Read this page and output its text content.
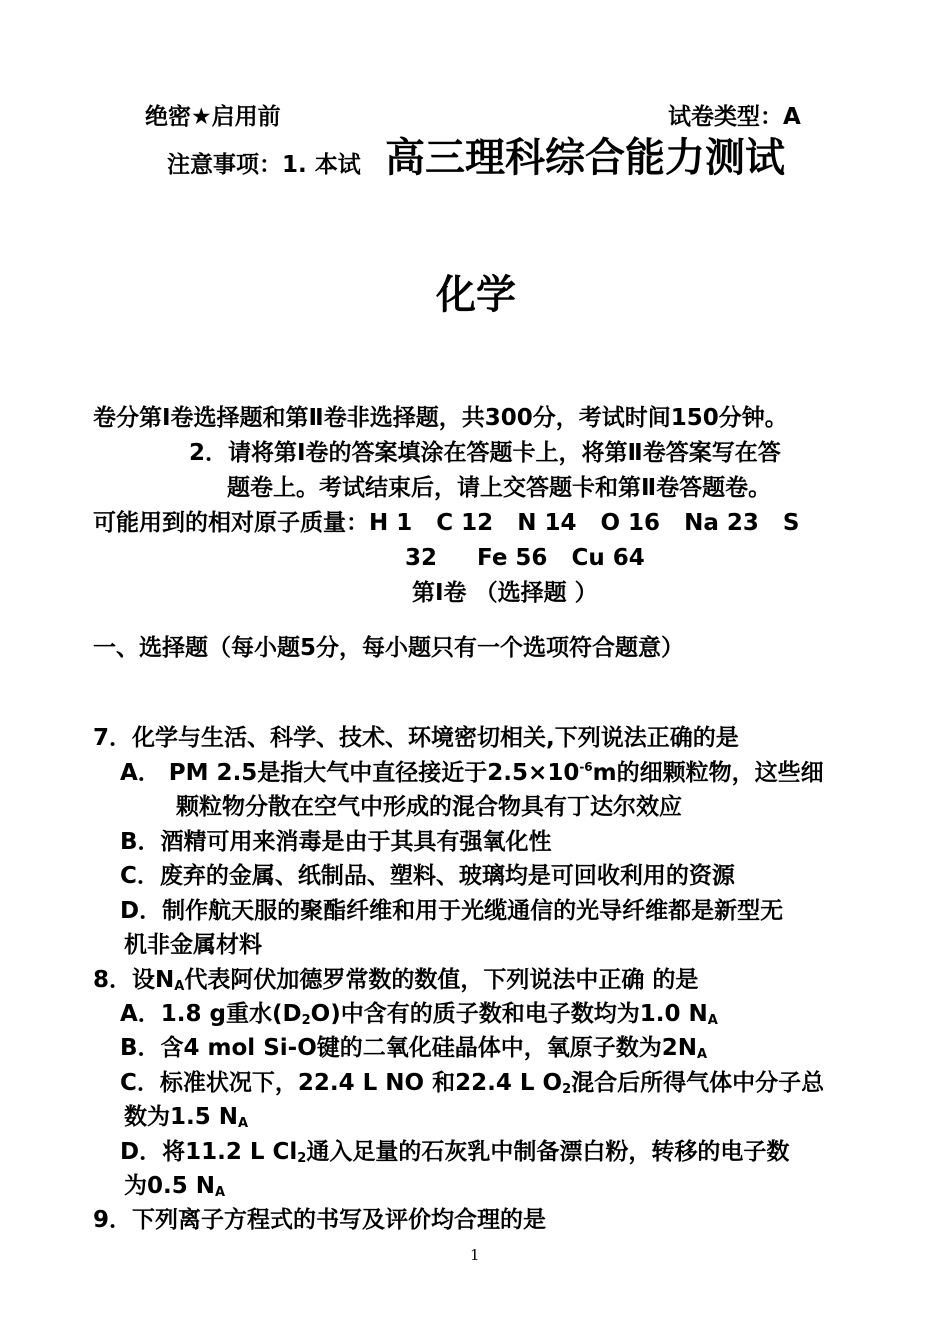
绝密★启用前	试卷类型：A
注意事项：1. 本试 高三理科综合能力测试
化学
卷分第Ⅰ卷选择题和第Ⅱ卷非选择题，共300分，考试时间150分钟。
2．请将第Ⅰ卷的答案填涂在答题卡上，将第Ⅱ卷答案写在答
题卷上。考试结束后，请上交答题卡和第Ⅱ卷答题卷。
可能用到的相对原子质量：H 1   C 12   N 14   O 16   Na 23   S
32     Fe 56   Cu 64
第Ⅰ卷 （选择题 ）
一、选择题（每小题5分，每小题只有一个选项符合题意）
7．化学与生活、科学、技术、环境密切相关,下列说法正确的是
A． PM 2.5是指大气中直径接近于$2.5\times 10^{-6}m$的细颗粒物，这些细
颗粒物分散在空气中形成的混合物具有丁达尔效应
B．酒精可用来消毒是由于其具有强氧化性
C．废弃的金属、纸制品、塑料、玻璃均是可回收利用的资源
D．制作航天服的聚酯纤维和用于光缆通信的光导纤维都是新型无
机非金属材料
8．设$N_A$代表阿伏加德罗常数的数值，下列说法中正确 的是
A．1.8 g重水$(D_2O)$中含有的质子数和电子数均为1.0 $N_A$
B．含4 mol Si-O键的二氧化硅晶体中，氧原子数为$2N_A$
C．标准状况下，22.4 L NO 和22.4 L $O_2$混合后所得气体中分子总
数为1.5 $N_A$
D．将11.2 L $Cl_2$通入足量的石灰乳中制备漂白粉，转移的电子数
为0.5 $N_A$
9．下列离子方程式的书写及评价均合理的是
1
